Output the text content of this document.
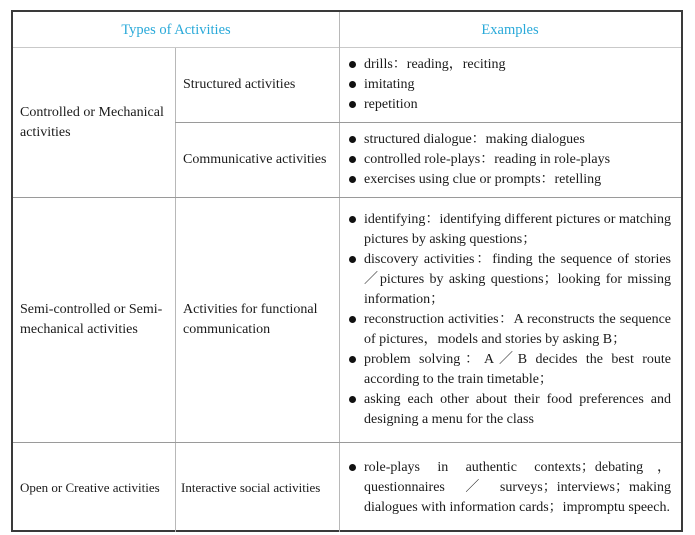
Types of Activities	Examples
Controlled or Mechanical activities
Structured activities
drills：reading，reciting
imitating
repetition
Communicative activities
structured dialogue：making dialogues
controlled role-plays：reading in role-plays
exercises using clue or prompts：retelling
Semi-controlled or Semi-mechanical activities
Activities for functional communication
identifying：identifying different pictures or matching pictures by asking questions；
discovery activities：finding the sequence of stories／pictures by asking questions；looking for missing information；
reconstruction activities：A reconstructs the sequence of pictures，models and stories by asking B；
problem solving：A／B decides the best route according to the train timetable；
asking each other about their food preferences and designing a menu for the class
Open or Creative activities Interactive social activities
role-plays in authentic contexts；debating，questionnaires／surveys；interviews；making dialogues with information cards；impromptu speech.
